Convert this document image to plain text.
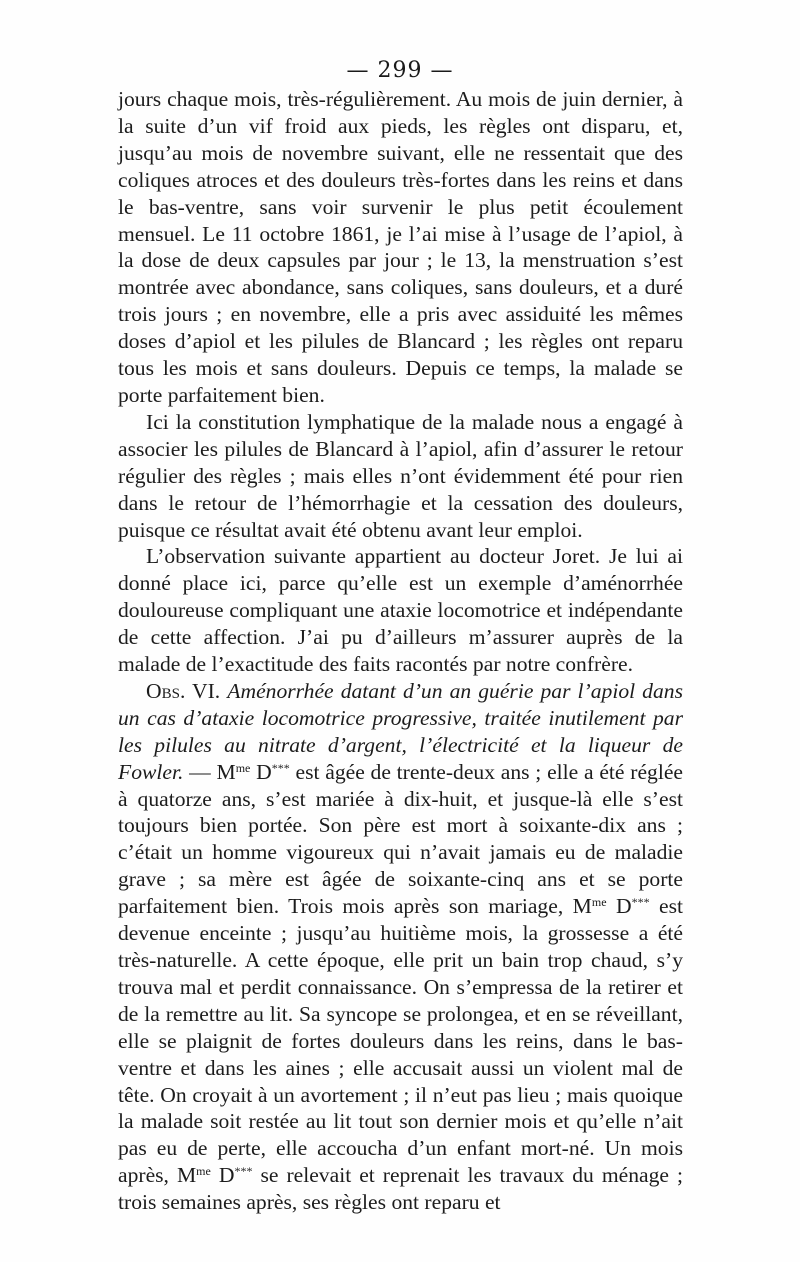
— 299 —

jours chaque mois, très-régulièrement. Au mois de juin dernier, à la suite d’un vif froid aux pieds, les règles ont disparu, et, jusqu’au mois de novembre suivant, elle ne ressentait que des coliques atroces et des douleurs très-fortes dans les reins et dans le bas-ventre, sans voir survenir le plus petit écoulement mensuel. Le 11 octobre 1861, je l’ai mise à l’usage de l’apiol, à la dose de deux capsules par jour ; le 13, la menstruation s’est montrée avec abondance, sans coliques, sans douleurs, et a duré trois jours ; en novembre, elle a pris avec assiduité les mêmes doses d’apiol et les pilules de Blancard ; les règles ont reparu tous les mois et sans douleurs. Depuis ce temps, la malade se porte parfaitement bien.

Ici la constitution lymphatique de la malade nous a engagé à associer les pilules de Blancard à l’apiol, afin d’assurer le retour régulier des règles ; mais elles n’ont évidemment été pour rien dans le retour de l’hémorrhagie et la cessation des douleurs, puisque ce résultat avait été obtenu avant leur emploi.

L’observation suivante appartient au docteur Joret. Je lui ai donné place ici, parce qu’elle est un exemple d’aménorrhée douloureuse compliquant une ataxie locomotrice et indépendante de cette affection. J’ai pu d’ailleurs m’assurer auprès de la malade de l’exactitude des faits racontés par notre confrère.

Obs. VI. Aménorrhée datant d’un an guérie par l’apiol dans un cas d’ataxie locomotrice progressive, traitée inutilement par les pilules au nitrate d’argent, l’électricité et la liqueur de Fowler. — $M^{me}$ D*** est âgée de trente-deux ans ; elle a été réglée à quatorze ans, s’est mariée à dix-huit, et jusque-là elle s’est toujours bien portée. Son père est mort à soixante-dix ans ; c’était un homme vigoureux qui n’avait jamais eu de maladie grave ; sa mère est âgée de soixante-cinq ans et se porte parfaitement bien. Trois mois après son mariage, $M^{me}$ D*** est devenue enceinte ; jusqu’au huitième mois, la grossesse a été très-naturelle. A cette époque, elle prit un bain trop chaud, s’y trouva mal et perdit connaissance. On s’empressa de la retirer et de la remettre au lit. Sa syncope se prolongea, et en se réveillant, elle se plaignit de fortes douleurs dans les reins, dans le bas-ventre et dans les aines ; elle accusait aussi un violent mal de tête. On croyait à un avortement ; il n’eut pas lieu ; mais quoique la malade soit restée au lit tout son dernier mois et qu’elle n’ait pas eu de perte, elle accoucha d’un enfant mort-né. Un mois après, $M^{me}$ D*** se relevait et reprenait les travaux du ménage ; trois semaines après, ses règles ont reparu et
